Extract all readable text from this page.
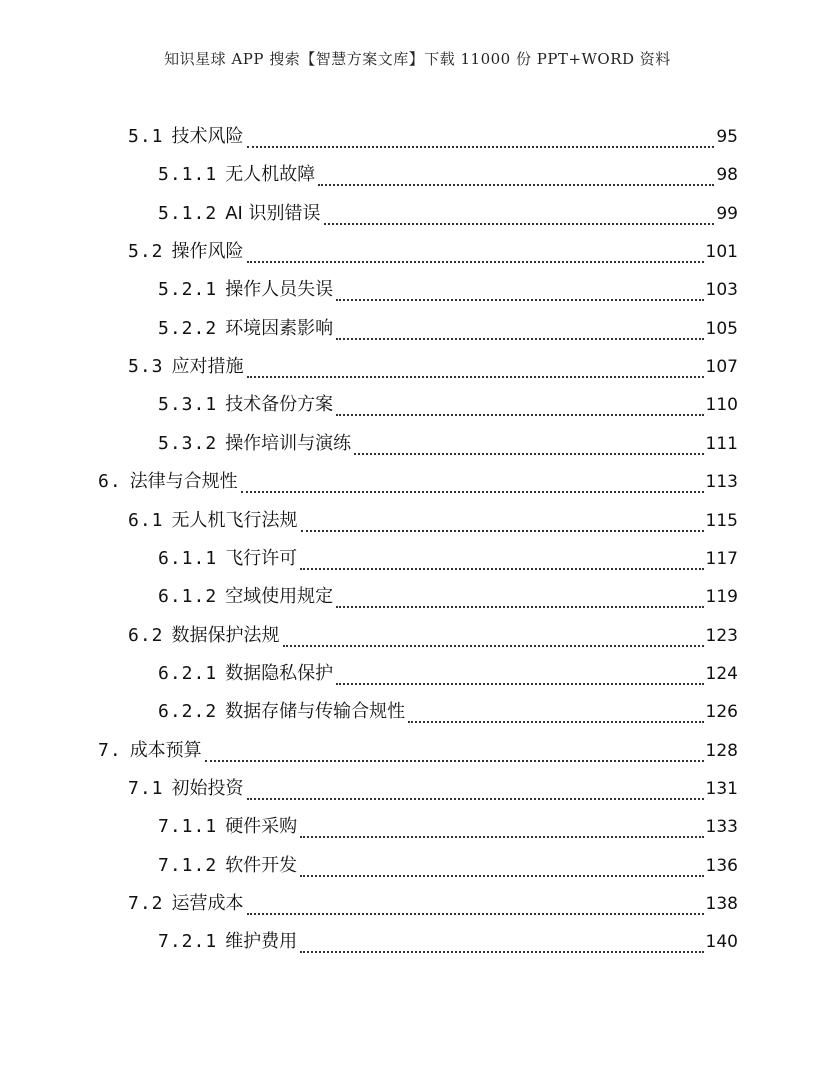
知识星球 APP 搜索【智慧方案文库】下载 11000 份 PPT+WORD 资料
5.1 技术风险	95
5.1.1 无人机故障	98
5.1.2 AI 识别错误	99
5.2 操作风险	101
5.2.1 操作人员失误	103
5.2.2 环境因素影响	105
5.3 应对措施	107
5.3.1 技术备份方案	110
5.3.2 操作培训与演练	111
6. 法律与合规性	113
6.1 无人机飞行法规	115
6.1.1 飞行许可	117
6.1.2 空域使用规定	119
6.2 数据保护法规	123
6.2.1 数据隐私保护	124
6.2.2 数据存储与传输合规性	126
7. 成本预算	128
7.1 初始投资	131
7.1.1 硬件采购	133
7.1.2 软件开发	136
7.2 运营成本	138
7.2.1 维护费用	140
